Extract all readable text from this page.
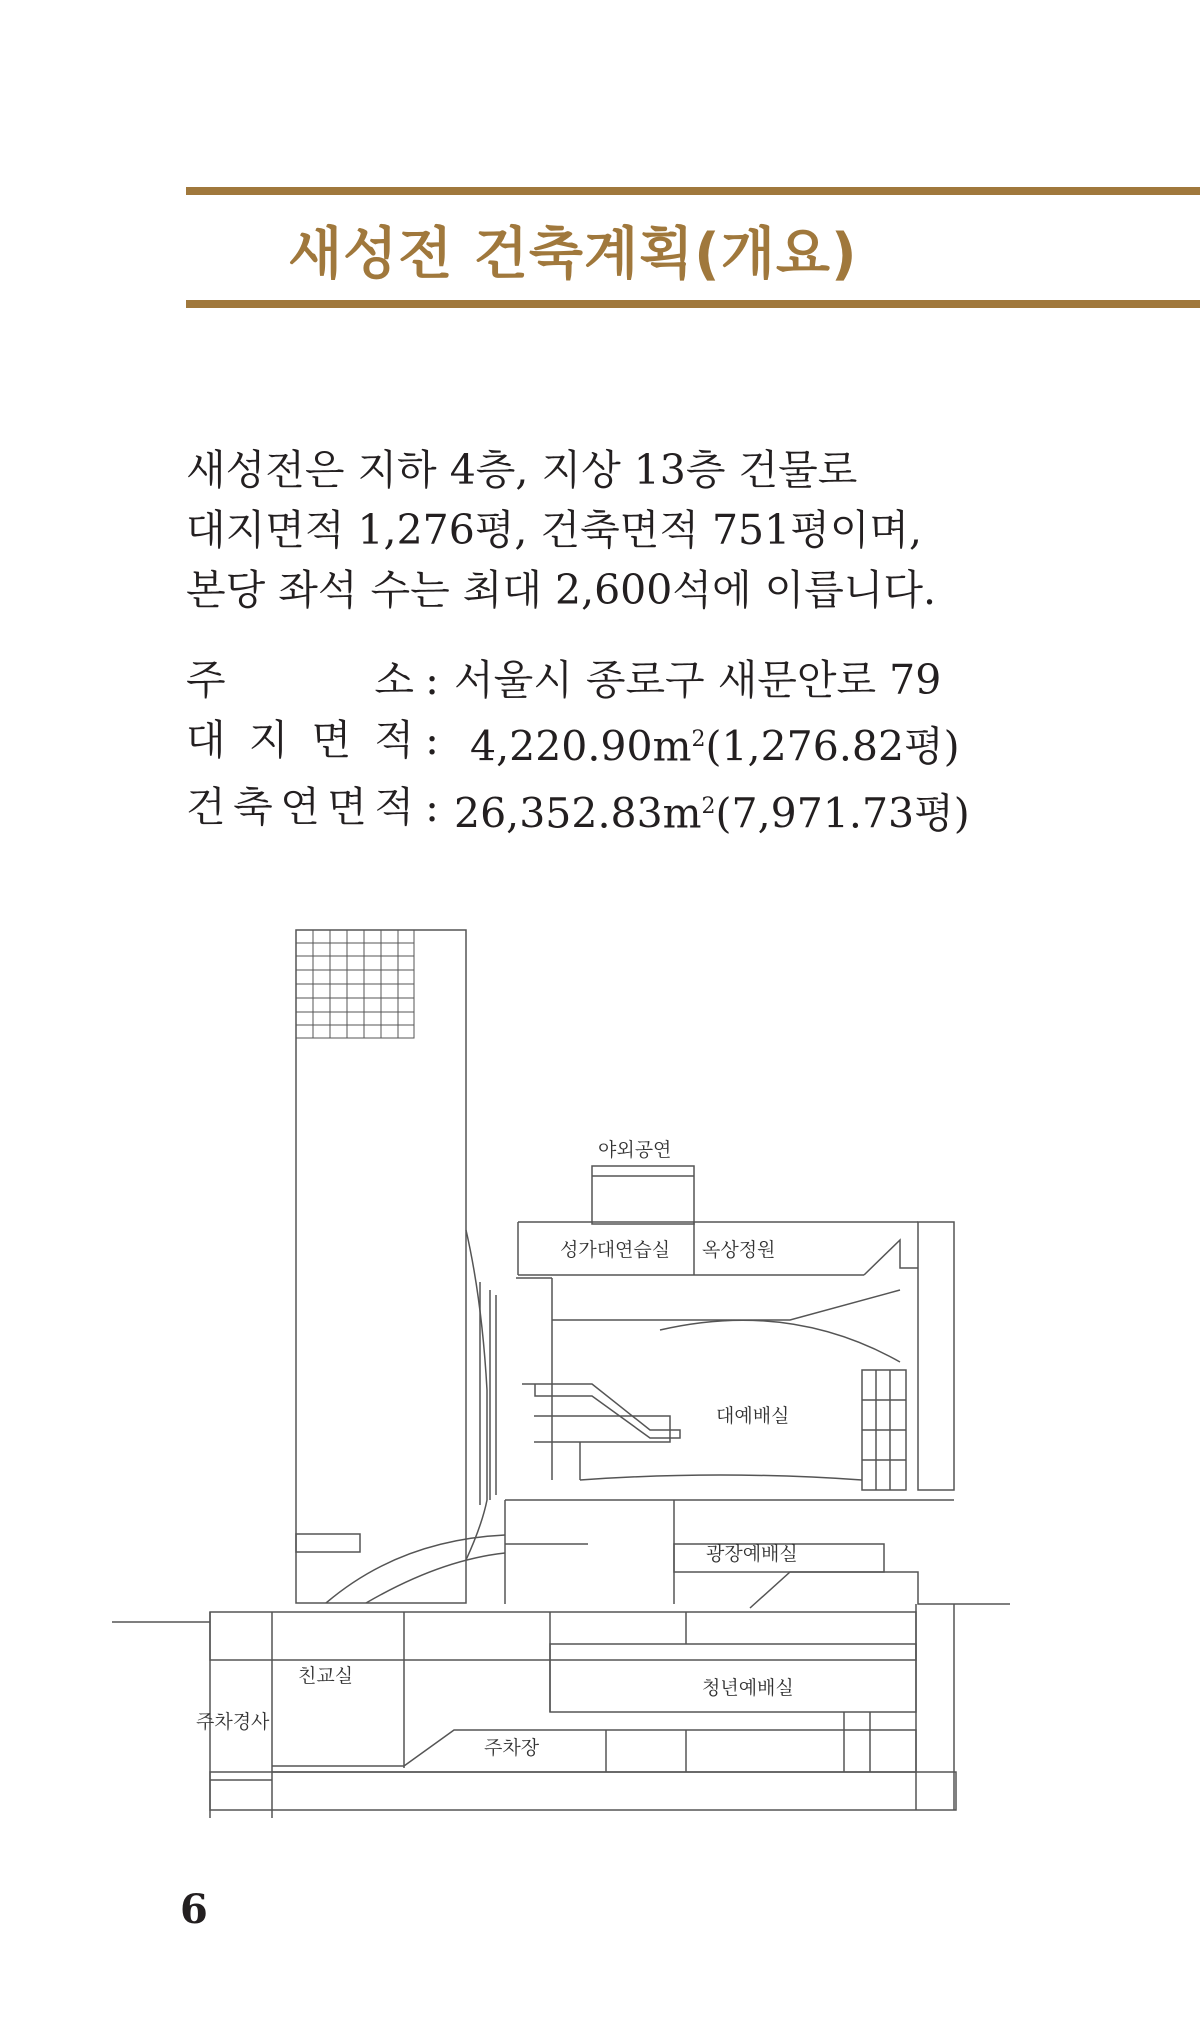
새성전 건축계획(개요)
새성전은 지하 4층, 지상 13층 건물로
대지면적 1,276평, 건축면적 751평이며,
본당 좌석 수는 최대 2,600석에 이릅니다.
주	소 : 서울시 종로구 새문안로 79
대 지 면 적 : $4,220.90m^2(1,276.82$평)
건 축 연 면 적 : $26,352.83m^2(7,971.73$평)
야외공연
성가대연습실 옥상정원
대예배실
광장예배실
친교실
청년예배실
주차경사
주차장
6
